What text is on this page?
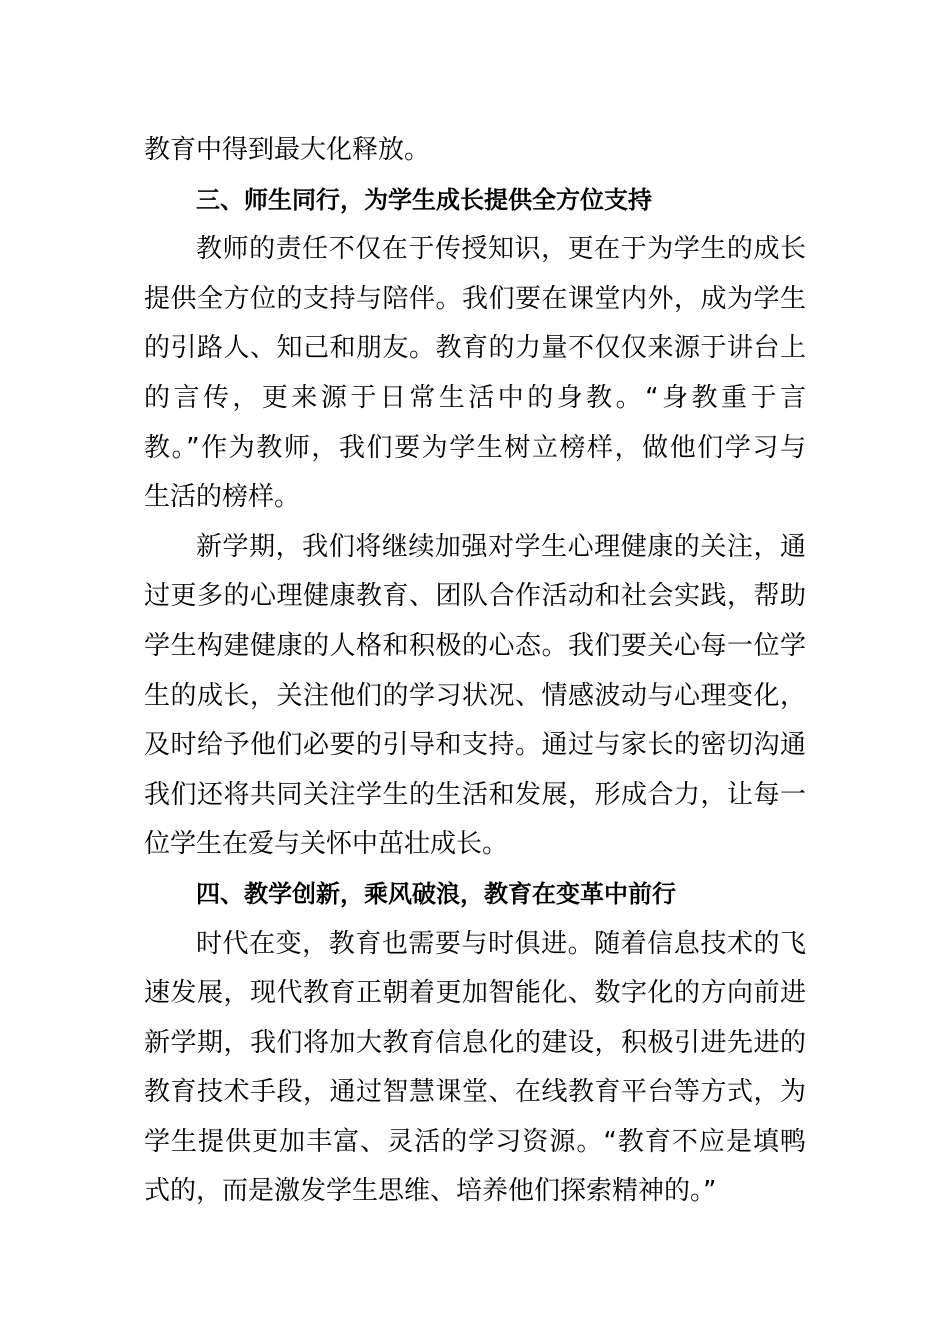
教育中得到最大化释放。
三、师生同行，为学生成长提供全方位支持
教师的责任不仅在于传授知识，更在于为学生的成长
提供全方位的支持与陪伴。我们要在课堂内外，成为学生
的引路人、知己和朋友。教育的力量不仅仅来源于讲台上
的言传，更来源于日常生活中的身教。“身教重于言
教。”作为教师，我们要为学生树立榜样，做他们学习与
生活的榜样。
新学期，我们将继续加强对学生心理健康的关注，通
过更多的心理健康教育、团队合作活动和社会实践，帮助
学生构建健康的人格和积极的心态。我们要关心每一位学
生的成长，关注他们的学习状况、情感波动与心理变化，
及时给予他们必要的引导和支持。通过与家长的密切沟通
我们还将共同关注学生的生活和发展，形成合力，让每一
位学生在爱与关怀中茁壮成长。
四、教学创新，乘风破浪，教育在变革中前行
时代在变，教育也需要与时俱进。随着信息技术的飞
速发展，现代教育正朝着更加智能化、数字化的方向前进
新学期，我们将加大教育信息化的建设，积极引进先进的
教育技术手段，通过智慧课堂、在线教育平台等方式，为
学生提供更加丰富、灵活的学习资源。“教育不应是填鸭
式的，而是激发学生思维、培养他们探索精神的。”
